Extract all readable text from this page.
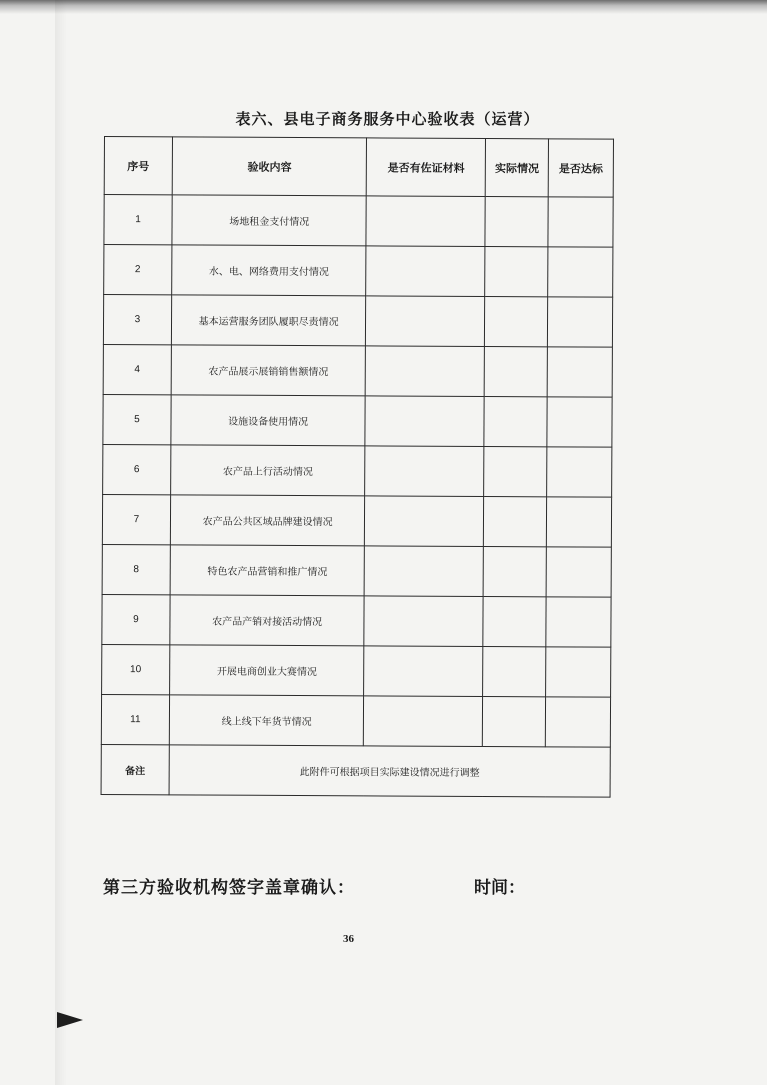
表六、县电子商务服务中心验收表（运营）
序号	验收内容	是否有佐证材料	实际情况	是否达标
1	场地租金支付情况			
2	水、电、网络费用支付情况			
3	基本运营服务团队履职尽责情况			
4	农产品展示展销销售额情况			
5	设施设备使用情况			
6	农产品上行活动情况			
7	农产品公共区域品牌建设情况			
8	特色农产品营销和推广情况			
9	农产品产销对接活动情况			
10	开展电商创业大赛情况			
11	线上线下年货节情况			
备注	此附件可根据项目实际建设情况进行调整			
第三方验收机构签字盖章确认：	时间：
36
